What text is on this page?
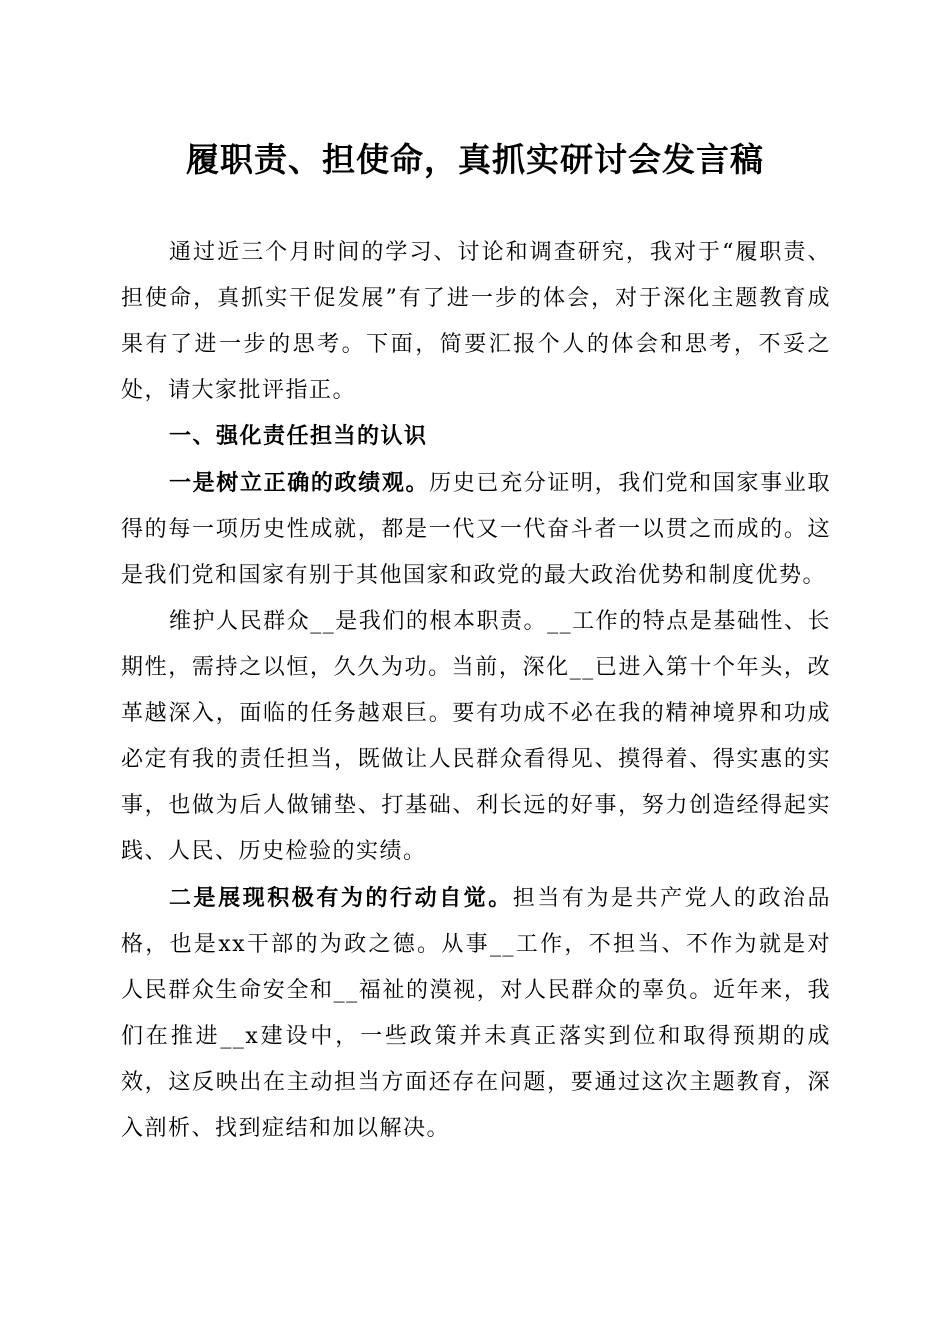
履职责、担使命，真抓实研讨会发言稿

通过近三个月时间的学习、讨论和调查研究，我对于“履职责、担使命，真抓实干促发展”有了进一步的体会，对于深化主题教育成果有了进一步的思考。下面，简要汇报个人的体会和思考，不妥之处，请大家批评指正。

一、强化责任担当的认识

一是树立正确的政绩观。历史已充分证明，我们党和国家事业取得的每一项历史性成就，都是一代又一代奋斗者一以贯之而成的。这是我们党和国家有别于其他国家和政党的最大政治优势和制度优势。

维护人民群众__是我们的根本职责。__工作的特点是基础性、长期性，需持之以恒，久久为功。当前，深化__已进入第十个年头，改革越深入，面临的任务越艰巨。要有功成不必在我的精神境界和功成必定有我的责任担当，既做让人民群众看得见、摸得着、得实惠的实事，也做为后人做铺垫、打基础、利长远的好事，努力创造经得起实践、人民、历史检验的实绩。

二是展现积极有为的行动自觉。担当有为是共产党人的政治品格，也是xx干部的为政之德。从事__工作，不担当、不作为就是对人民群众生命安全和__福祉的漠视，对人民群众的辜负。近年来，我们在推进__x建设中，一些政策并未真正落实到位和取得预期的成效，这反映出在主动担当方面还存在问题，要通过这次主题教育，深入剖析、找到症结和加以解决。
